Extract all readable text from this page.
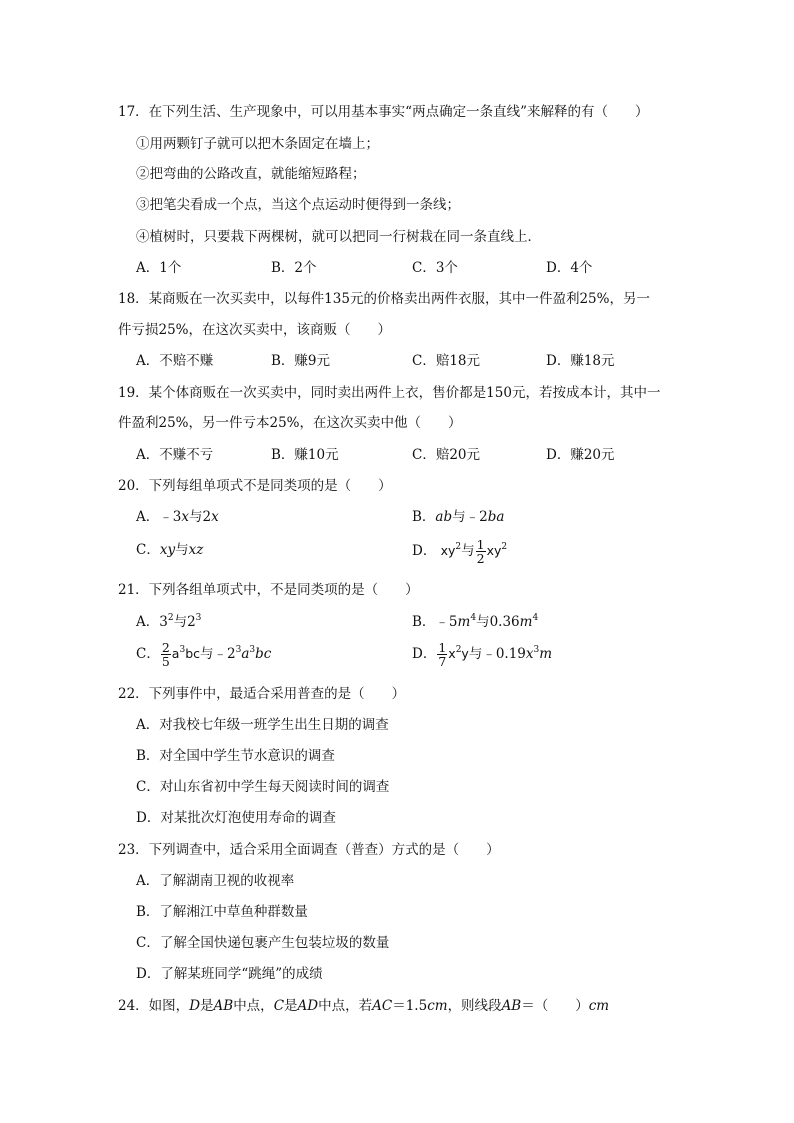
17．在下列生活、生产现象中，可以用基本事实“两点确定一条直线”来解释的有（　　）
①用两颗钉子就可以把木条固定在墙上；
②把弯曲的公路改直，就能缩短路程；
③把笔尖看成一个点，当这个点运动时便得到一条线；
④植树时，只要栽下两棵树，就可以把同一行树栽在同一条直线上．
A．1个	B．2个	C．3个	D．4个
18．某商贩在一次买卖中，以每件135元的价格卖出两件衣服，其中一件盈利25%，另一
件亏损25%，在这次买卖中，该商贩（　　）
A．不赔不赚	B．赚9元	C．赔18元	D．赚18元
19．某个体商贩在一次买卖中，同时卖出两件上衣，售价都是150元，若按成本计，其中一
件盈利25%，另一件亏本25%，在这次买卖中他（　　）
A．不赚不亏	B．赚10元	C．赔20元	D．赚20元
20．下列每组单项式不是同类项的是（　　）
A．﹣3x与2x	B．ab与﹣2ba
C．xy与xz	D． $xy^2$与 $\frac{1}{2} xy^2$
21．下列各组单项式中，不是同类项的是（　　）
A．$3^2$与$2^3$	B．$﹣5m^4$与$0.36m^4$
C． $\frac{2}{5} a^3bc$与$﹣2^3a^3bc$	D． $\frac{1}{7} x^2y$与$﹣0.19x^3m$
22．下列事件中，最适合采用普查的是（　　）
A．对我校七年级一班学生出生日期的调查
B．对全国中学生节水意识的调查
C．对山东省初中学生每天阅读时间的调查
D．对某批次灯泡使用寿命的调查
23．下列调查中，适合采用全面调查（普查）方式的是（　　）
A．了解湖南卫视的收视率
B．了解湘江中草鱼种群数量
C．了解全国快递包裹产生包装垃圾的数量
D．了解某班同学“跳绳”的成绩
24．如图，D是AB中点，C是AD中点，若AC＝1.5cm，则线段AB＝（　　）cm
